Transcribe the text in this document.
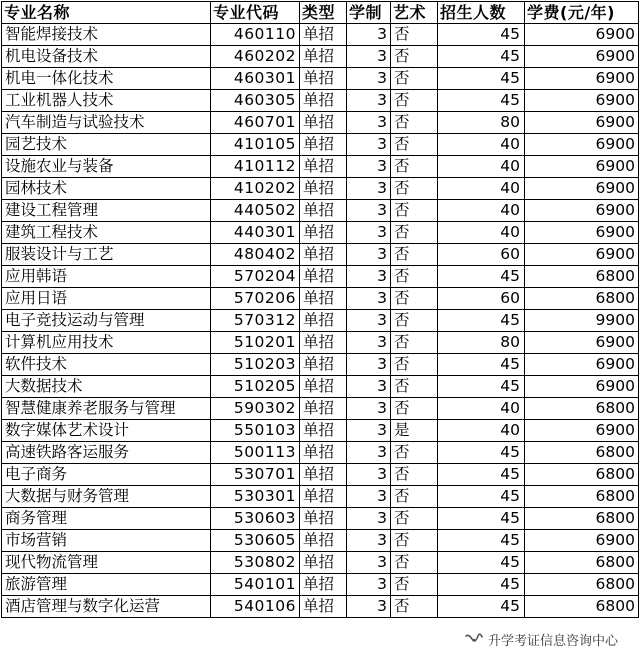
专业名称	专业代码	类型	学制	艺术	招生人数	学费(元/年)
智能焊接技术	460110	单招	3	否	45	6900
机电设备技术	460202	单招	3	否	45	6900
机电一体化技术	460301	单招	3	否	45	6900
工业机器人技术	460305	单招	3	否	45	6900
汽车制造与试验技术	460701	单招	3	否	80	6900
园艺技术	410105	单招	3	否	40	6900
设施农业与装备	410112	单招	3	否	40	6900
园林技术	410202	单招	3	否	40	6900
建设工程管理	440502	单招	3	否	40	6900
建筑工程技术	440301	单招	3	否	40	6900
服装设计与工艺	480402	单招	3	否	60	6900
应用韩语	570204	单招	3	否	45	6800
应用日语	570206	单招	3	否	60	6800
电子竞技运动与管理	570312	单招	3	否	45	9900
计算机应用技术	510201	单招	3	否	80	6900
软件技术	510203	单招	3	否	45	6900
大数据技术	510205	单招	3	否	45	6900
智慧健康养老服务与管理	590302	单招	3	否	40	6800
数字媒体艺术设计	550103	单招	3	是	40	6900
高速铁路客运服务	500113	单招	3	否	45	6800
电子商务	530701	单招	3	否	45	6800
大数据与财务管理	530301	单招	3	否	45	6800
商务管理	530603	单招	3	否	45	6800
市场营销	530605	单招	3	否	45	6900
现代物流管理	530802	单招	3	否	45	6800
旅游管理	540101	单招	3	否	45	6800
酒店管理与数字化运营	540106	单招	3	否	45	6800
升学考证信息咨询中心
